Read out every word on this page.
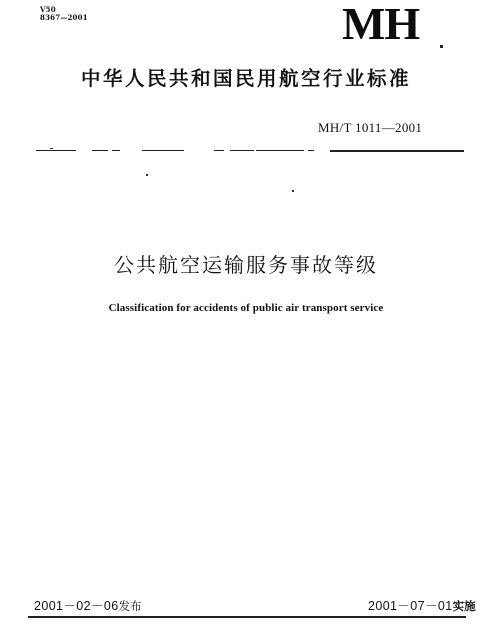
V50
8367—2001	MH
中华人民共和国民用航空行业标准
MH/T 1011—2001
公共航空运输服务事故等级
Classification for accidents of public air transport service
2001－02－06发布	2001－07－01实施
